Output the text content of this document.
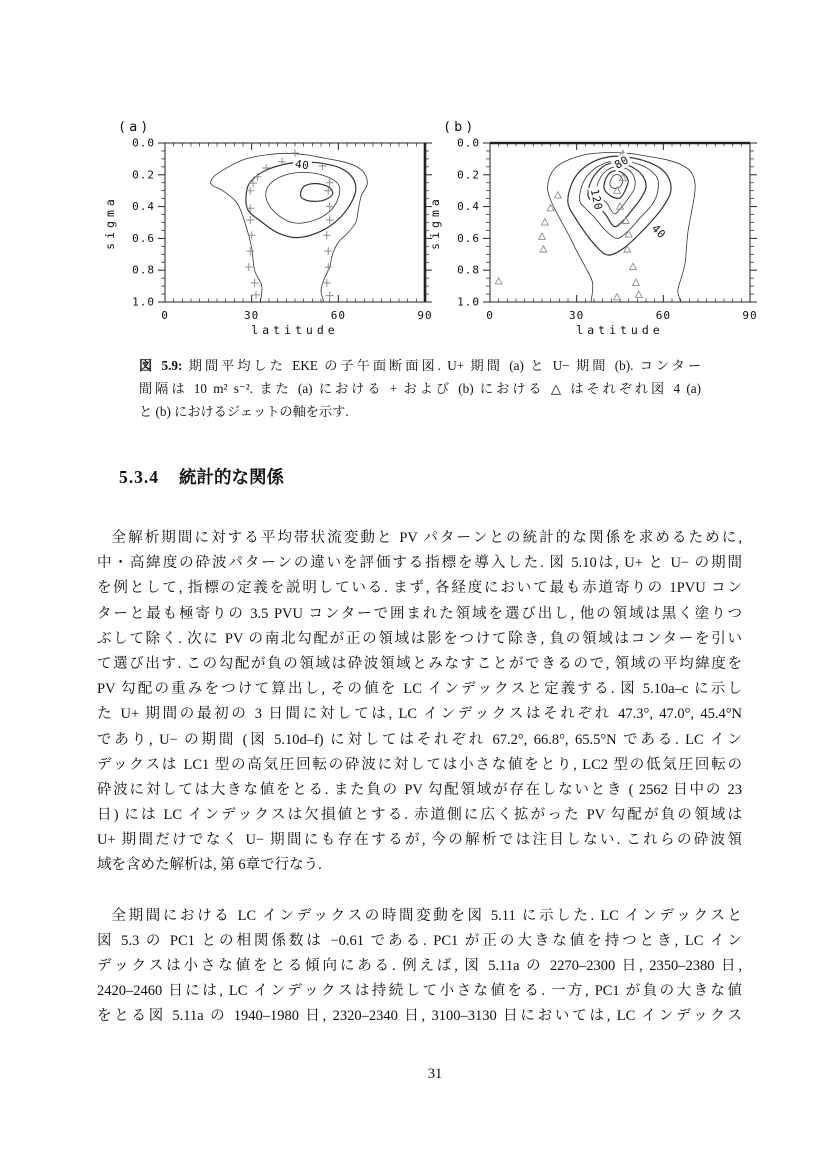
0	30	60	90
0.0
0.2
0.4
0.6
0.8
1.0
latitude
sigma
(a)
40
0	30	60	90
0.0
0.2
0.4
0.6
0.8
1.0
latitude
sigma
(b)
80
120
40
図 5.9: 期間平均した EKE の子午面断面図. U+ 期間 (a) と U− 期間 (b). コンター
間隔は 10 m² s⁻². また (a) における + および (b) における △ はそれぞれ図 4 (a)
と (b) におけるジェットの軸を示す.
5.3.4 統計的な関係
全解析期間に対する平均帯状流変動と PV パターンとの統計的な関係を求めるために,
中・高緯度の砕波パターンの違いを評価する指標を導入した. 図 5.10は, U+ と U− の期間
を例として, 指標の定義を説明している. まず, 各経度において最も赤道寄りの 1PVU コン
ターと最も極寄りの 3.5 PVU コンターで囲まれた領域を選び出し, 他の領域は黒く塗りつ
ぶして除く. 次に PV の南北勾配が正の領域は影をつけて除き, 負の領域はコンターを引い
て選び出す. この勾配が負の領域は砕波領域とみなすことができるので, 領域の平均緯度を
PV 勾配の重みをつけて算出し, その値を LC インデックスと定義する. 図 5.10a–c に示し
た U+ 期間の最初の 3 日間に対しては, LC インデックスはそれぞれ 47.3°, 47.0°, 45.4°N
であり, U− の期間 (図 5.10d–f) に対してはそれぞれ 67.2°, 66.8°, 65.5°N である. LC イン
デックスは LC1 型の高気圧回転の砕波に対しては小さな値をとり, LC2 型の低気圧回転の
砕波に対しては大きな値をとる. また負の PV 勾配領域が存在しないとき ( 2562 日中の 23
日) には LC インデックスは欠損値とする. 赤道側に広く拡がった PV 勾配が負の領域は
U+ 期間だけでなく U− 期間にも存在するが, 今の解析では注目しない. これらの砕波領
域を含めた解析は, 第 6章で行なう.
全期間における LC インデックスの時間変動を図 5.11 に示した. LC インデックスと
図 5.3 の PC1 との相関係数は −0.61 である. PC1 が正の大きな値を持つとき, LC イン
デックスは小さな値をとる傾向にある. 例えば, 図 5.11a の 2270–2300 日, 2350–2380 日,
2420–2460 日には, LC インデックスは持続して小さな値をる. 一方, PC1 が負の大きな値
をとる図 5.11a の 1940–1980 日, 2320–2340 日, 3100–3130 日においては, LC インデックス
31
